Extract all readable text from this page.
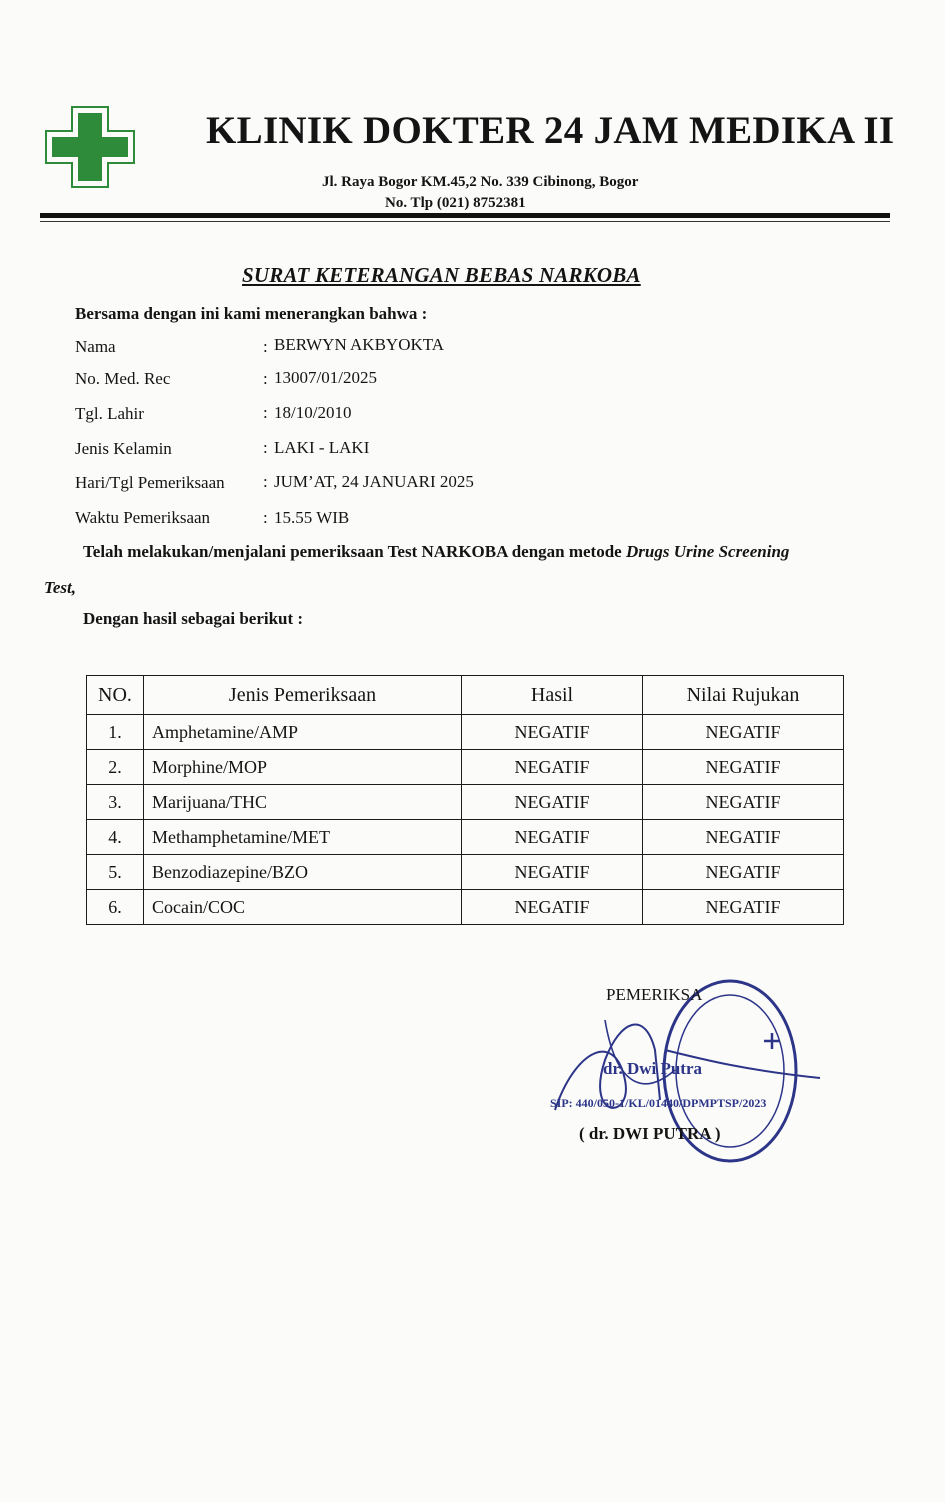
KLINIK DOKTER 24 JAM MEDIKA II
Jl. Raya Bogor KM.45,2 No. 339 Cibinong, Bogor
No. Tlp (021) 8752381
SURAT KETERANGAN BEBAS NARKOBA
Bersama dengan ini kami menerangkan bahwa :
Nama	: BERWYN AKBYOKTA
No. Med. Rec	: 13007/01/2025
Tgl. Lahir	: 18/10/2010
Jenis Kelamin	: LAKI - LAKI
Hari/Tgl Pemeriksaan : JUM’AT, 24 JANUARI 2025
Waktu Pemeriksaan	: 15.55 WIB
Telah melakukan/menjalani pemeriksaan Test NARKOBA dengan metode Drugs Urine Screening
Test,
Dengan hasil sebagai berikut :
NO.	Jenis Pemeriksaan	Hasil	Nilai Rujukan
1.	Amphetamine/AMP	NEGATIF	NEGATIF
2.	Morphine/MOP	NEGATIF	NEGATIF
3.	Marijuana/THC	NEGATIF	NEGATIF
4.	Methamphetamine/MET	NEGATIF	NEGATIF
5.	Benzodiazepine/BZO	NEGATIF	NEGATIF
6.	Cocain/COC	NEGATIF	NEGATIF
PEMERIKSA
dr. Dwi Putra
SIP: 440/050-1/KL/01440/DPMPTSP/2023
( dr. DWI PUTRA )
